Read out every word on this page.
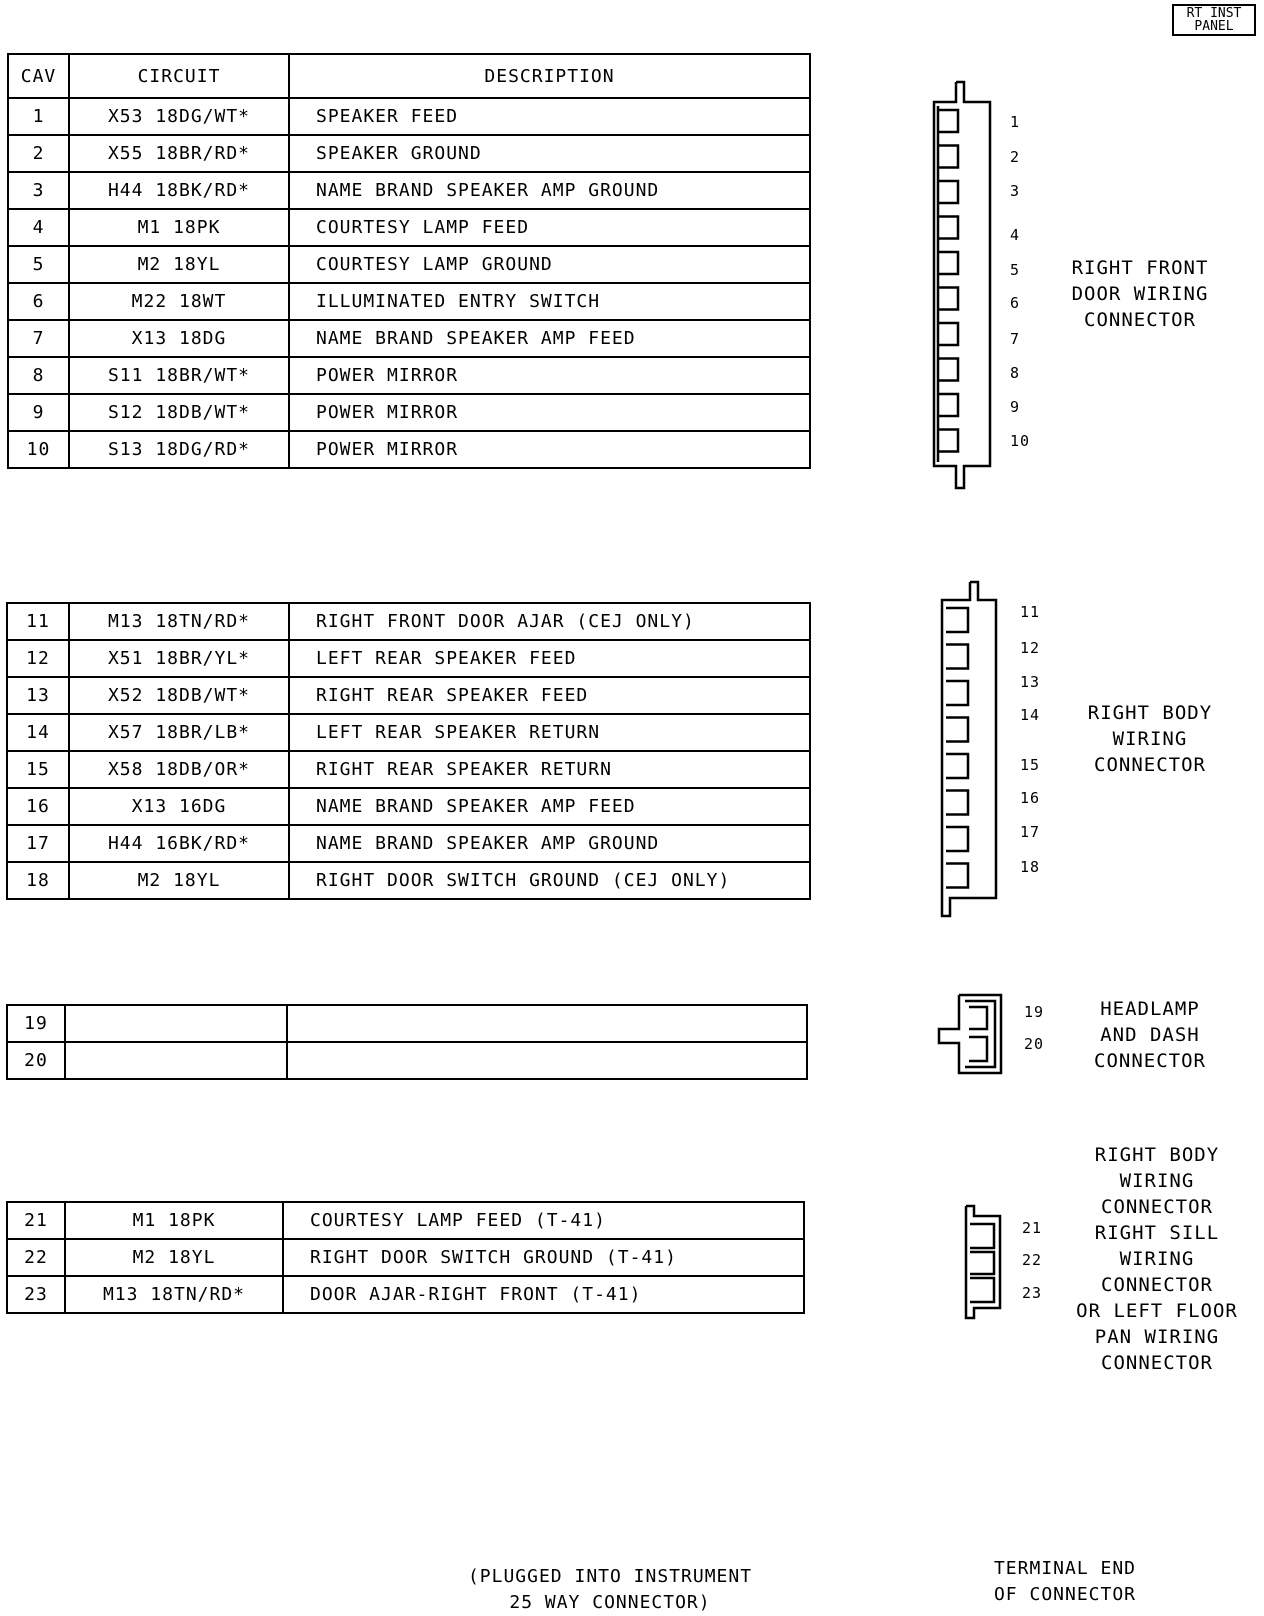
RT INST
PANEL
CAV	CIRCUIT	DESCRIPTION
1	X53 18DG/WT*	SPEAKER FEED
2	X55 18BR/RD*	SPEAKER GROUND
3	H44 18BK/RD*	NAME BRAND SPEAKER AMP GROUND
4	M1 18PK	COURTESY LAMP FEED
5	M2 18YL	COURTESY LAMP GROUND
6	M22 18WT	ILLUMINATED ENTRY SWITCH
7	X13 18DG	NAME BRAND SPEAKER AMP FEED
8	S11 18BR/WT*	POWER MIRROR
9	S12 18DB/WT*	POWER MIRROR
10	S13 18DG/RD*	POWER MIRROR
11	M13 18TN/RD*	RIGHT FRONT DOOR AJAR (CEJ ONLY)
12	X51 18BR/YL*	LEFT REAR SPEAKER FEED
13	X52 18DB/WT*	RIGHT REAR SPEAKER FEED
14	X57 18BR/LB*	LEFT REAR SPEAKER RETURN
15	X58 18DB/OR*	RIGHT REAR SPEAKER RETURN
16	X13 16DG	NAME BRAND SPEAKER AMP FEED
17	H44 16BK/RD*	NAME BRAND SPEAKER AMP GROUND
18	M2 18YL	RIGHT DOOR SWITCH GROUND (CEJ ONLY)
19		
20		
21	M1 18PK	COURTESY LAMP FEED (T-41)
22	M2 18YL	RIGHT DOOR SWITCH GROUND (T-41)
23	M13 18TN/RD*	DOOR AJAR-RIGHT FRONT (T-41)
1
2
3
4
5
6
7
8
9
10
RIGHT FRONT
DOOR WIRING
CONNECTOR
11
12
13
14
15
16
17
18
RIGHT BODY
WIRING
CONNECTOR
19
20
HEADLAMP
AND DASH
CONNECTOR
21
22
23
RIGHT BODY
WIRING
CONNECTOR
RIGHT SILL
WIRING
CONNECTOR
OR LEFT FLOOR
PAN WIRING
CONNECTOR
(PLUGGED INTO INSTRUMENT
25 WAY CONNECTOR)
TERMINAL END
OF CONNECTOR
